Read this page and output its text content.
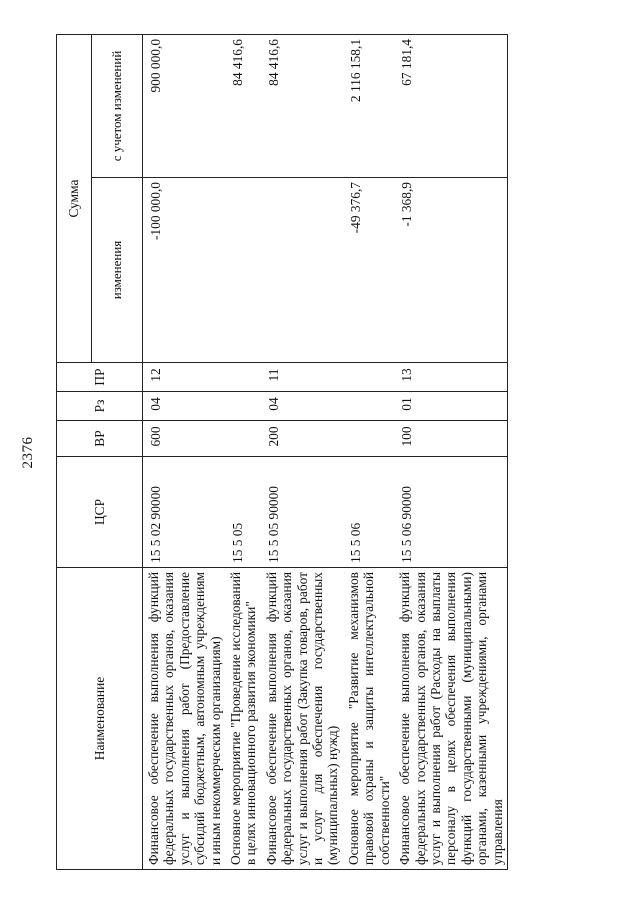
2376
Наименование	ЦСР	ВР	Рз	ПР	Сумма	
					изменения	с учетом изменений
Финансовое обеспечение выполнения функций федеральных государственных органов, оказания услуг и выполнения работ (Предоставление субсидий бюджетным, автономным учреждениям и иным некоммерческим организациям)	15 5 02 90000	600	04	12	-100 000,0	900 000,0
Основное мероприятие "Проведение исследований в целях инновационного развития экономики"	15 5 05					84 416,6
Финансовое обеспечение выполнения функций федеральных государственных органов, оказания услуг и выполнения работ (Закупка товаров, работ и услуг для обеспечения государственных (муниципальных) нужд)	15 5 05 90000	200	04	11		84 416,6
Основное мероприятие "Развитие механизмов правовой охраны и защиты интеллектуальной собственности"	15 5 06				-49 376,7	2 116 158,1
Финансовое обеспечение выполнения функций федеральных государственных органов, оказания услуг и выполнения работ (Расходы на выплаты персоналу в целях обеспечения выполнения функций государственными (муниципальными) органами, казенными учреждениями, органами управления	15 5 06 90000	100	01	13	-1 368,9	67 181,4
